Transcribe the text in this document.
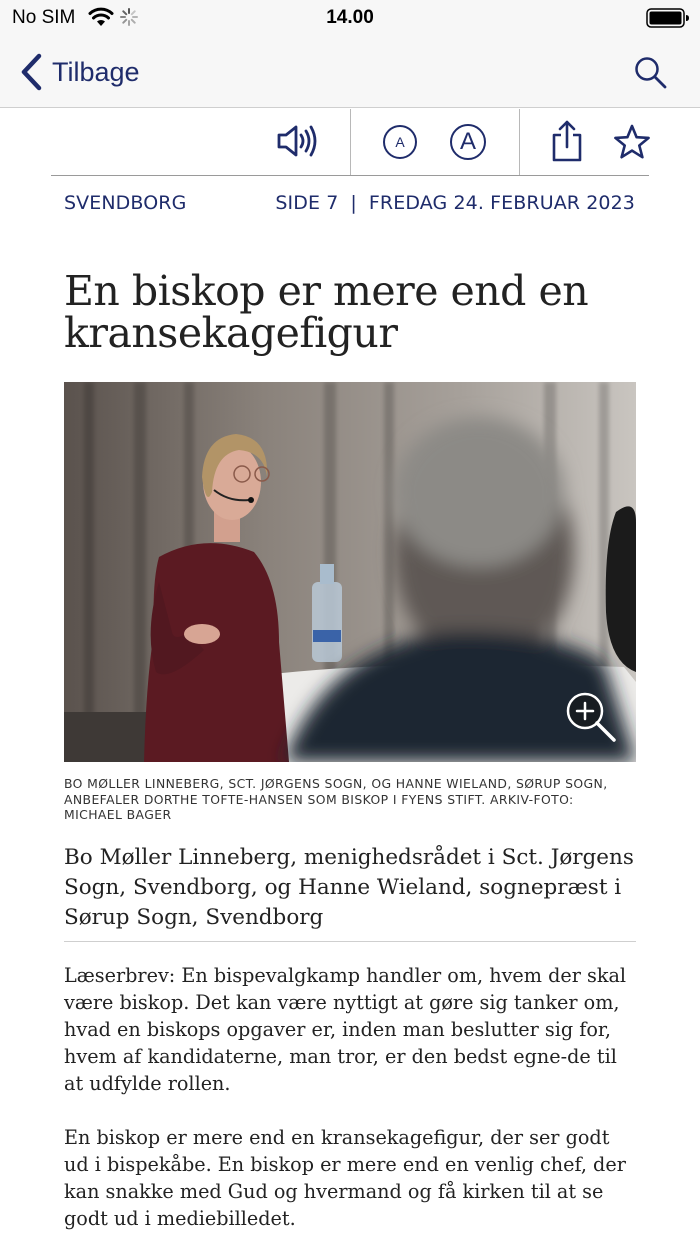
No SIM	14.00
Tilbage
A A
SVENDBORG	SIDE 7 | FREDAG 24. FEBRUAR 2023
En biskop er mere end en kransekagefigur

BO MØLLER LINNEBERG, SCT. JØRGENS SOGN, OG HANNE WIELAND, SØRUP SOGN, ANBEFALER DORTHE TOFTE-HANSEN SOM BISKOP I FYENS STIFT. ARKIV-FOTO: MICHAEL BAGER

Bo Møller Linneberg, menighedsrådet i Sct. Jørgens Sogn, Svendborg, og Hanne Wieland, sognepræst i Sørup Sogn, Svendborg

Læserbrev: En bispevalgkamp handler om, hvem der skal være biskop. Det kan være nyttigt at gøre sig tanker om, hvad en biskops opgaver er, inden man beslutter sig for, hvem af kandidaterne, man tror, er den bedst egne-de til at udfylde rollen.

En biskop er mere end en kransekagefigur, der ser godt ud i bispekåbe. En biskop er mere end en venlig chef, der kan snakke med Gud og hvermand og få kirken til at se godt ud i mediebilledet.
